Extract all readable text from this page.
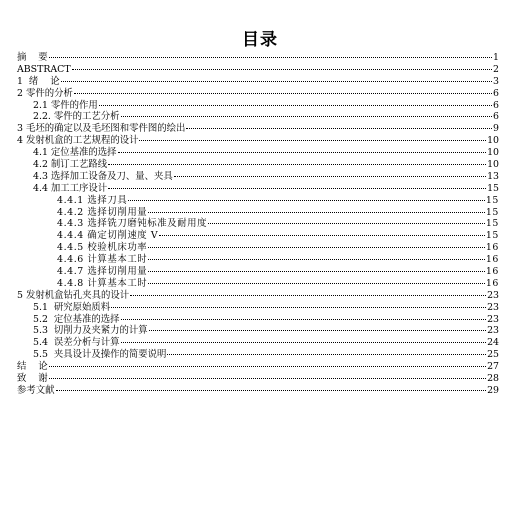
目录
摘    要	1
ABSTRACT	2
1  绪    论	3
2 零件的分析	6
2.1 零件的作用	6
2.2. 零件的工艺分析	6
3 毛坯的确定以及毛坯图和零件图的绘出	9
4 发射机盒的工艺规程的设计	10
4.1 定位基准的选择	10
4.2 制订工艺路线	10
4.3 选择加工设备及刀、量、夹具	13
4.4 加工工序设计	15
4.4.1 选择刀具	15
4.4.2 选择切削用量	15
4.4.3 选择铣刀磨钝标准及耐用度	15
4.4.4 确定切削速度 V	15
4.4.5 校验机床功率	16
4.4.6 计算基本工时	16
4.4.7 选择切削用量	16
4.4.8 计算基本工时	16
5 发射机盒钻孔夹具的设计	23
5.1  研究原始质料	23
5.2  定位基准的选择	23
5.3  切削力及夹紧力的计算	23
5.4  误差分析与计算	24
5.5  夹具设计及操作的简要说明	25
结    论	27
致    谢	28
参考文献	29
